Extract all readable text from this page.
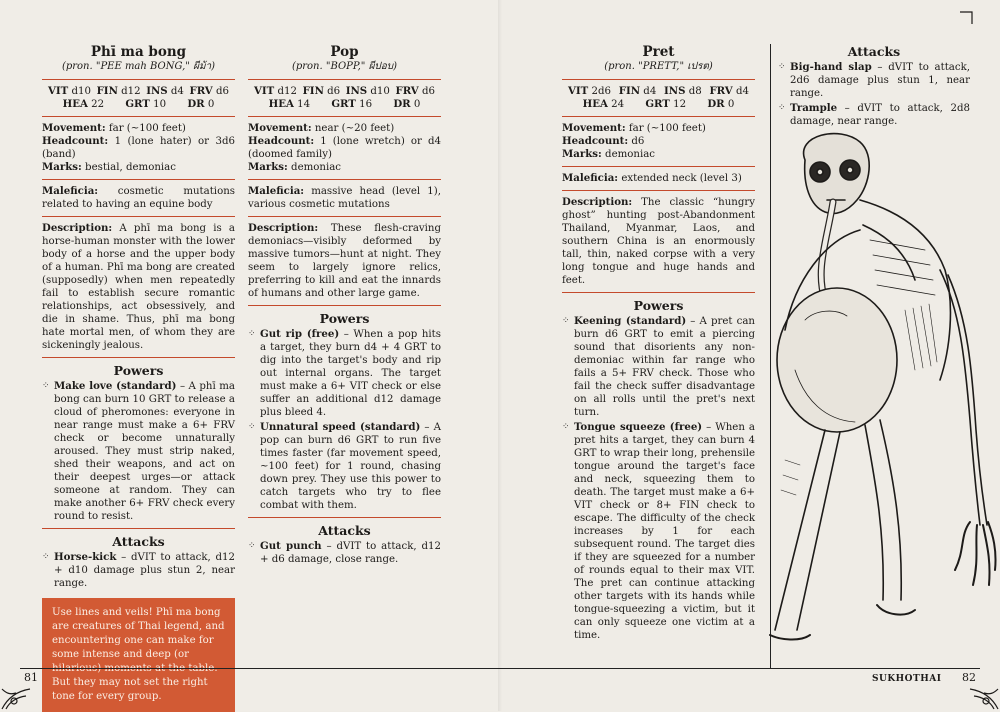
Phī ma bong
(pron. "PEE mah BONG," ผีม้า)
VIT d10 FIN d12 INS d4 FRV d6
HEA 22 GRT 10 DR 0

Movement: far (~100 feet)

Headcount: 1 (lone hater) or 3d6 (band)

Marks: bestial, demoniac

Maleficia: cosmetic mutations related to having an equine body

Description: A phī ma bong is a horse-human monster with the lower body of a horse and the upper body of a human. Phī ma bong are created (supposedly) when men repeatedly fail to establish secure romantic relationships, act obsessively, and die in shame. Thus, phī ma bong hate mortal men, of whom they are sickeningly jealous.

Powers
⁘ Make love (standard) – A phī ma bong can burn 10 GRT to release a cloud of pheromones: everyone in near range must make a 6+ FRV check or become unnaturally aroused. They must strip naked, shed their weapons, and act on their deepest urges—or attack someone at random. They can make another 6+ FRV check every round to resist.
Attacks
⁘ Horse-kick – dVIT to attack, d12 + d10 damage plus stun 2, near range.
Use lines and veils! Phī ma bong are creatures of Thai legend, and encountering one can make for some intense and deep (or hilarious) moments at the table. But they may not set the right tone for every group.
Pop
(pron. "BOPP," ผีปอบ)
VIT d12 FIN d6 INS d10 FRV d6
HEA 14 GRT 16 DR 0

Movement: near (~20 feet)

Headcount: 1 (lone wretch) or d4 (doomed family)

Marks: demoniac

Maleficia: massive head (level 1), various cosmetic mutations

Description: These flesh-craving demoniacs—visibly deformed by massive tumors—hunt at night. They seem to largely ignore relics, preferring to kill and eat the innards of humans and other large game.

Powers
⁘ Gut rip (free) – When a pop hits a target, they burn d4 + 4 GRT to dig into the target's body and rip out internal organs. The target must make a 6+ VIT check or else suffer an additional d12 damage plus bleed 4.
⁘ Unnatural speed (standard) – A pop can burn d6 GRT to run five times faster (far movement speed, ~100 feet) for 1 round, chasing down prey. They use this power to catch targets who try to flee combat with them.
Attacks
⁘ Gut punch – dVIT to attack, d12 + d6 damage, close range.
Pret
(pron. "PRETT," เปรต)
VIT 2d6 FIN d4 INS d8 FRV d4
HEA 24 GRT 12 DR 0

Movement: far (~100 feet)

Headcount: d6

Marks: demoniac

Maleficia: extended neck (level 3)

Description: The classic “hungry ghost” hunting post-Abandonment Thailand, Myanmar, Laos, and southern China is an enormously tall, thin, naked corpse with a very long tongue and huge hands and feet.

Powers
⁘ Keening (standard) – A pret can burn d6 GRT to emit a piercing sound that disorients any non-demoniac within far range who fails a 5+ FRV check. Those who fail the check suffer disadvantage on all rolls until the pret's next turn.
⁘ Tongue squeeze (free) – When a pret hits a target, they can burn 4 GRT to wrap their long, prehensile tongue around the target's face and neck, squeezing them to death. The target must make a 6+ VIT check or 8+ FIN check to escape. The difficulty of the check increases by 1 for each subsequent round. The target dies if they are squeezed for a number of rounds equal to their max VIT. The pret can continue attacking other targets with its hands while tongue-squeezing a victim, but it can only squeeze one victim at a time.
Attacks
⁘ Big-hand slap – dVIT to attack, 2d6 damage plus stun 1, near range.
⁘ Trample – dVIT to attack, 2d8 damage, near range.
81	SUKHOTHAI 82
